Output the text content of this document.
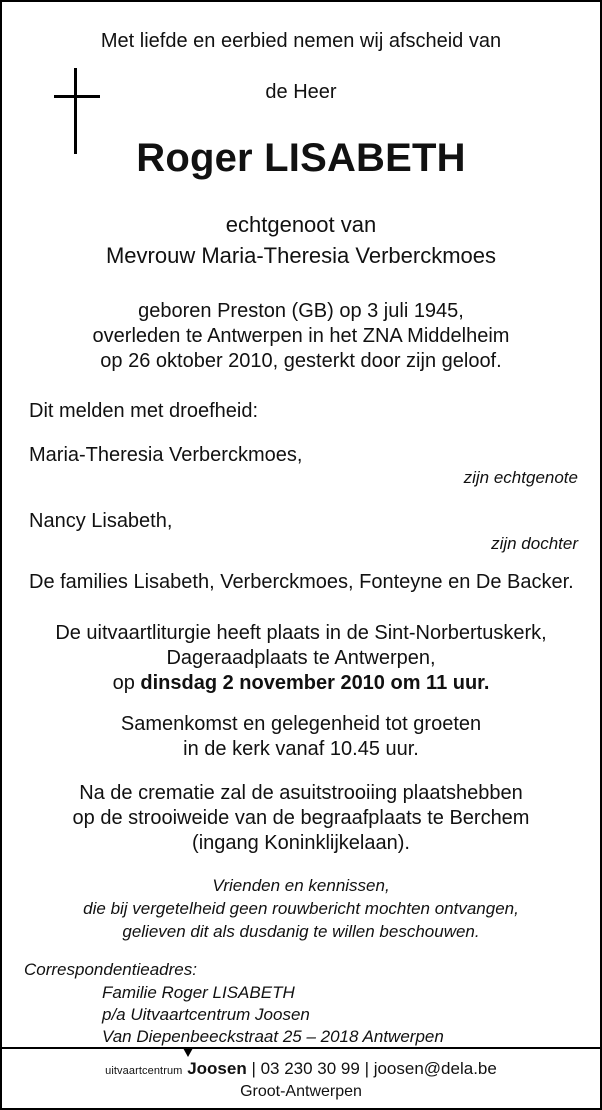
Met liefde en eerbied nemen wij afscheid van
de Heer
Roger LISABETH
echtgenoot van
Mevrouw Maria-Theresia Verberckmoes
geboren Preston (GB) op 3 juli 1945,
overleden te Antwerpen in het ZNA Middelheim
op 26 oktober 2010, gesterkt door zijn geloof.
Dit melden met droefheid:
Maria-Theresia Verberckmoes,
zijn echtgenote
Nancy Lisabeth,
zijn dochter
De families Lisabeth, Verberckmoes, Fonteyne en De Backer.
De uitvaartliturgie heeft plaats in de Sint-Norbertuskerk,
Dageraadplaats te Antwerpen,
op dinsdag 2 november 2010 om 11 uur.
Samenkomst en gelegenheid tot groeten
in de kerk vanaf 10.45 uur.
Na de crematie zal de asuitstrooiing plaatshebben
op de strooiweide van de begraafplaats te Berchem
(ingang Koninklijkelaan).
Vrienden en kennissen,
die bij vergetelheid geen rouwbericht mochten ontvangen,
gelieven dit als dusdanig te willen beschouwen.
Correspondentieadres:
Familie Roger LISABETH
p/a Uitvaartcentrum Joosen
Van Diepenbeeckstraat 25 – 2018 Antwerpen
uitvaartcentrum Joosen | 03 230 30 99 | joosen@dela.be
Groot-Antwerpen
